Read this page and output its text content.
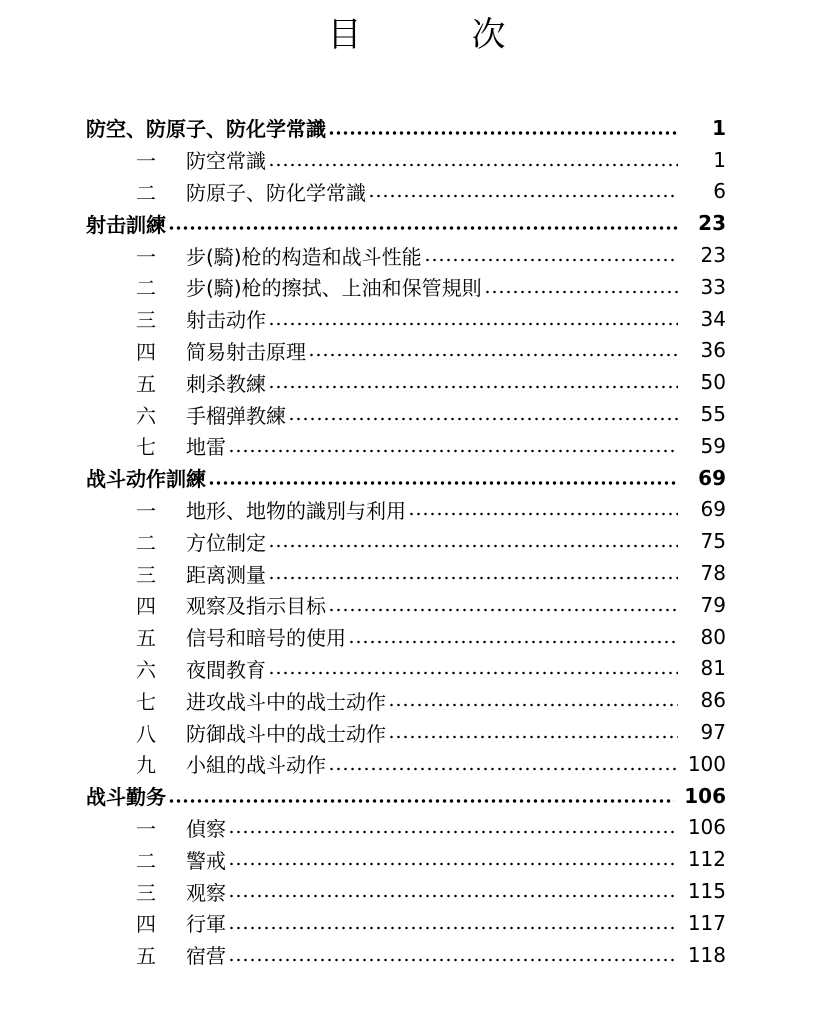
目　次
防空、防原子、防化学常識	1
一	防空常識	1
二	防原子、防化学常識	6
射击訓練	23
一	步(騎)枪的构造和战斗性能	23
二	步(騎)枪的擦拭、上油和保管規則	33
三	射击动作	34
四	简易射击原理	36
五	刺杀教練	50
六	手榴弹教練	55
七	地雷	59
战斗动作訓練	69
一	地形、地物的識別与利用	69
二	方位制定	75
三	距离测量	78
四	观察及指示目标	79
五	信号和暗号的使用	80
六	夜間教育	81
七	进攻战斗中的战士动作	86
八	防御战斗中的战士动作	97
九	小組的战斗动作	100
战斗勤务	106
一	偵察	106
二	警戒	112
三	观察	115
四	行軍	117
五	宿营	118
